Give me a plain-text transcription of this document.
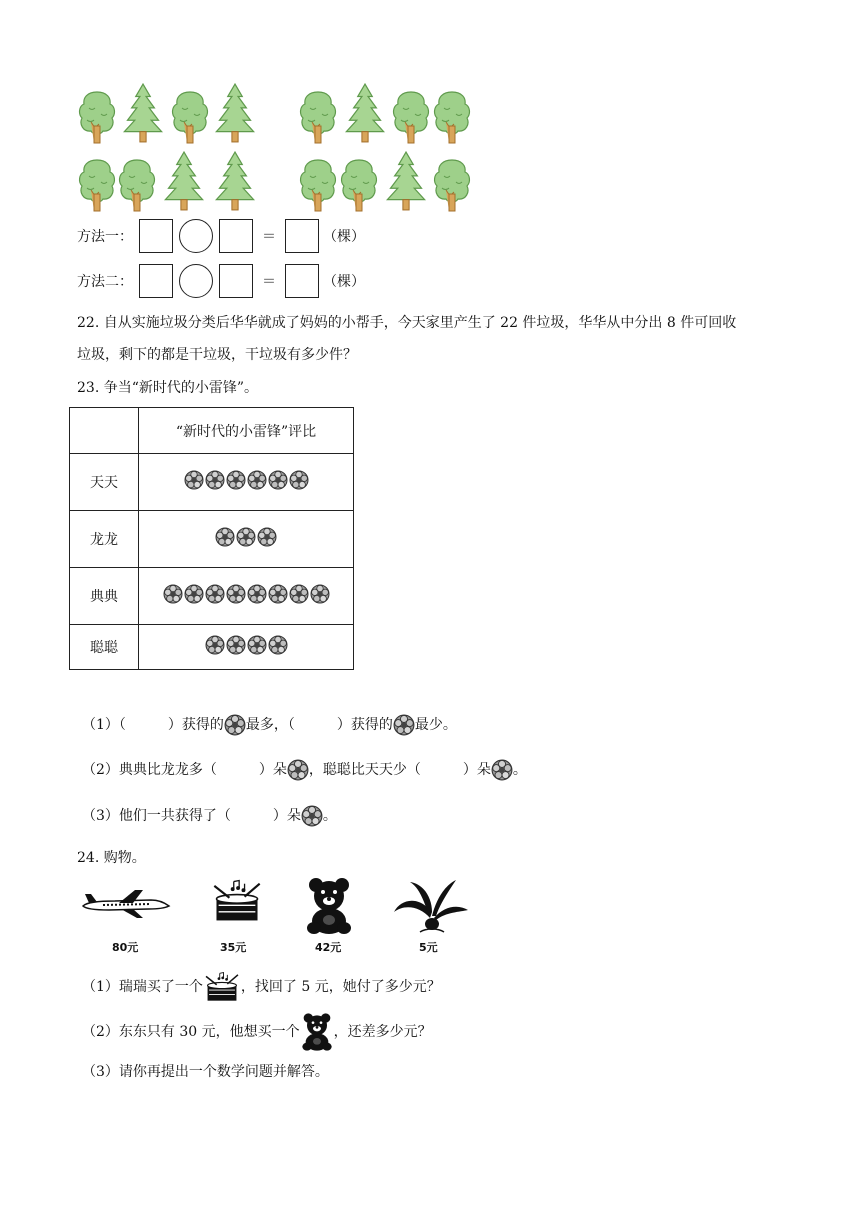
方法一：	＝	（棵）
方法二：	＝	（棵）
22. 自从实施垃圾分类后华华就成了妈妈的小帮手，今天家里产生了 22 件垃圾，华华从中分出 8 件可回收
垃圾，剩下的都是干垃圾，干垃圾有多少件？
23. 争当“新时代的小雷锋”。
	“新时代的小雷锋”评比
天天	

龙龙	

典典	

聪聪	
（1）（　　　）获得的 最多，（　　　）获得的 最少。
（2）典典比龙龙多（　　　）朵 ，聪聪比天天少（　　　）朵 。
（3）他们一共获得了（　　　）朵 。
24. 购物。
80元	35元	42元	5元
（1）瑞瑞买了一个	，找回了 5 元，她付了多少元？
（2）东东只有 30 元，他想买一个 ，还差多少元？
（3）请你再提出一个数学问题并解答。
